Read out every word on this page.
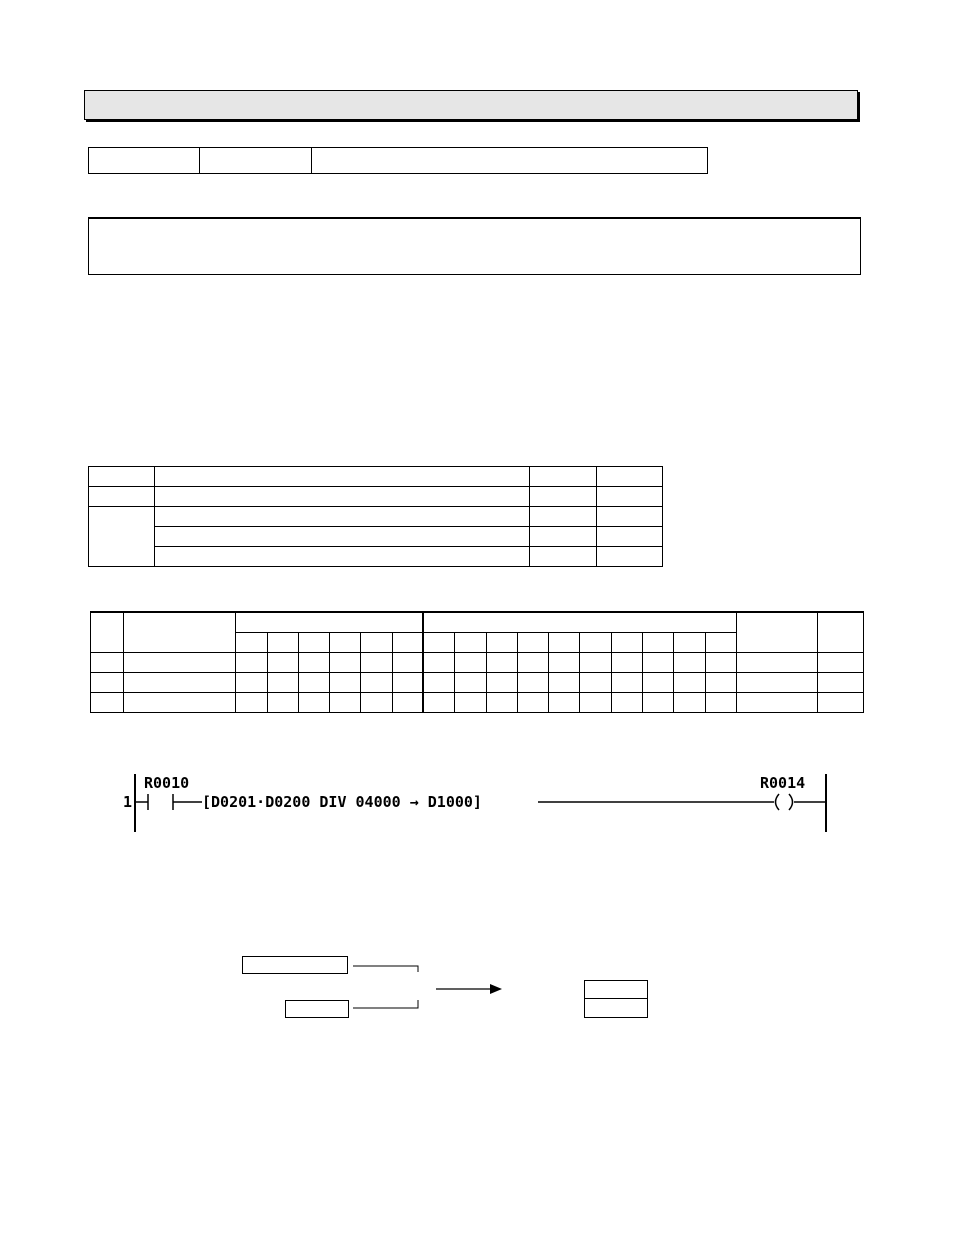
1
R0010
[D0201·D0200 DIV 04000 → D1000]
R0014
